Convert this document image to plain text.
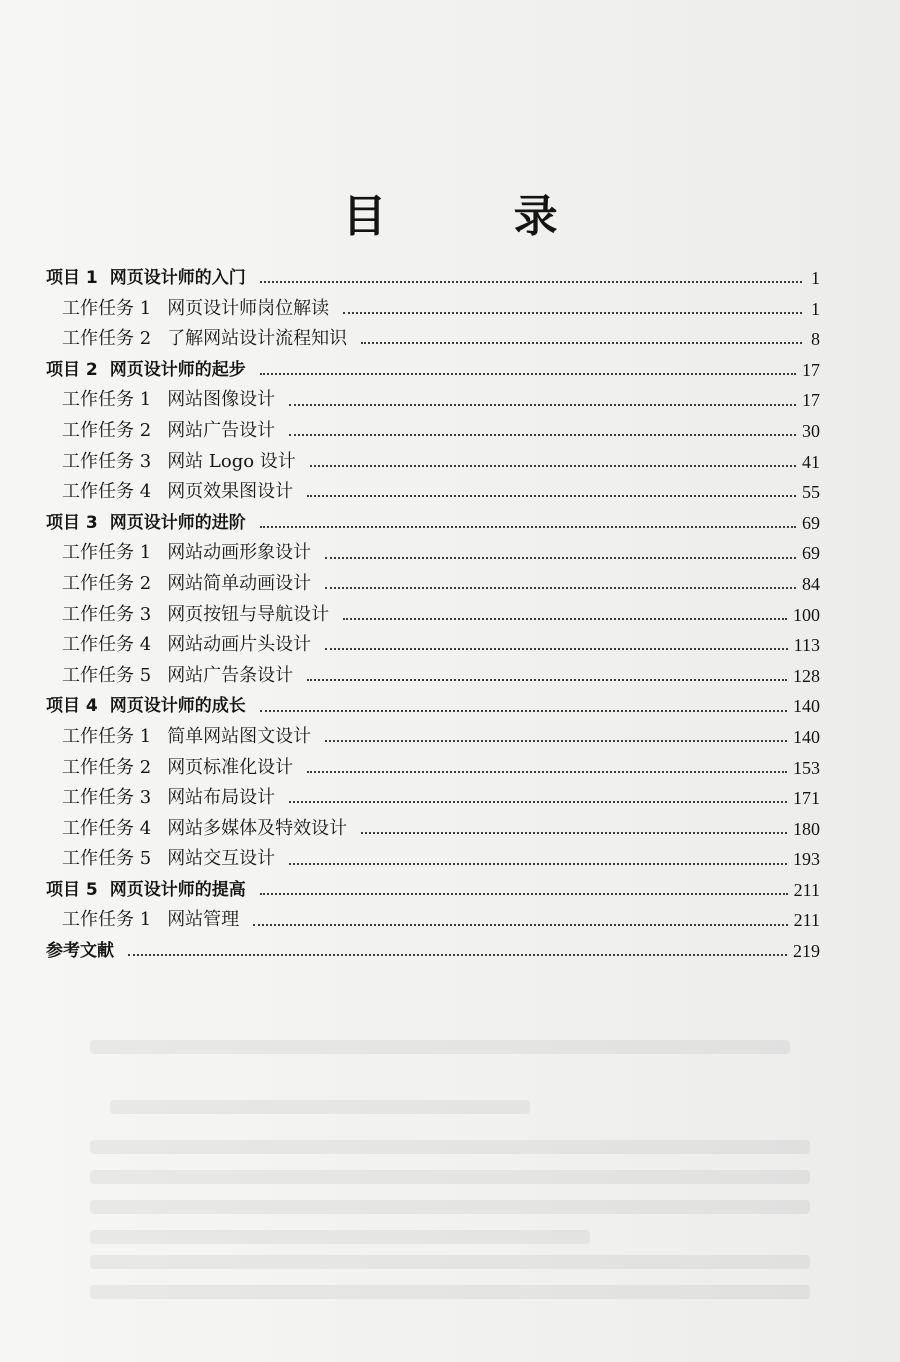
目 录
项目 1 网页设计师的入门	1
工作任务 1 网页设计师岗位解读	1
工作任务 2 了解网站设计流程知识	8
项目 2 网页设计师的起步	17
工作任务 1 网站图像设计	17
工作任务 2 网站广告设计	30
工作任务 3 网站 Logo 设计	41
工作任务 4 网页效果图设计	55
项目 3 网页设计师的进阶	69
工作任务 1 网站动画形象设计	69
工作任务 2 网站简单动画设计	84
工作任务 3 网页按钮与导航设计	100
工作任务 4 网站动画片头设计	113
工作任务 5 网站广告条设计	128
项目 4 网页设计师的成长	140
工作任务 1 简单网站图文设计	140
工作任务 2 网页标准化设计	153
工作任务 3 网站布局设计	171
工作任务 4 网站多媒体及特效设计	180
工作任务 5 网站交互设计	193
项目 5 网页设计师的提高	211
工作任务 1 网站管理	211
参考文献	219
